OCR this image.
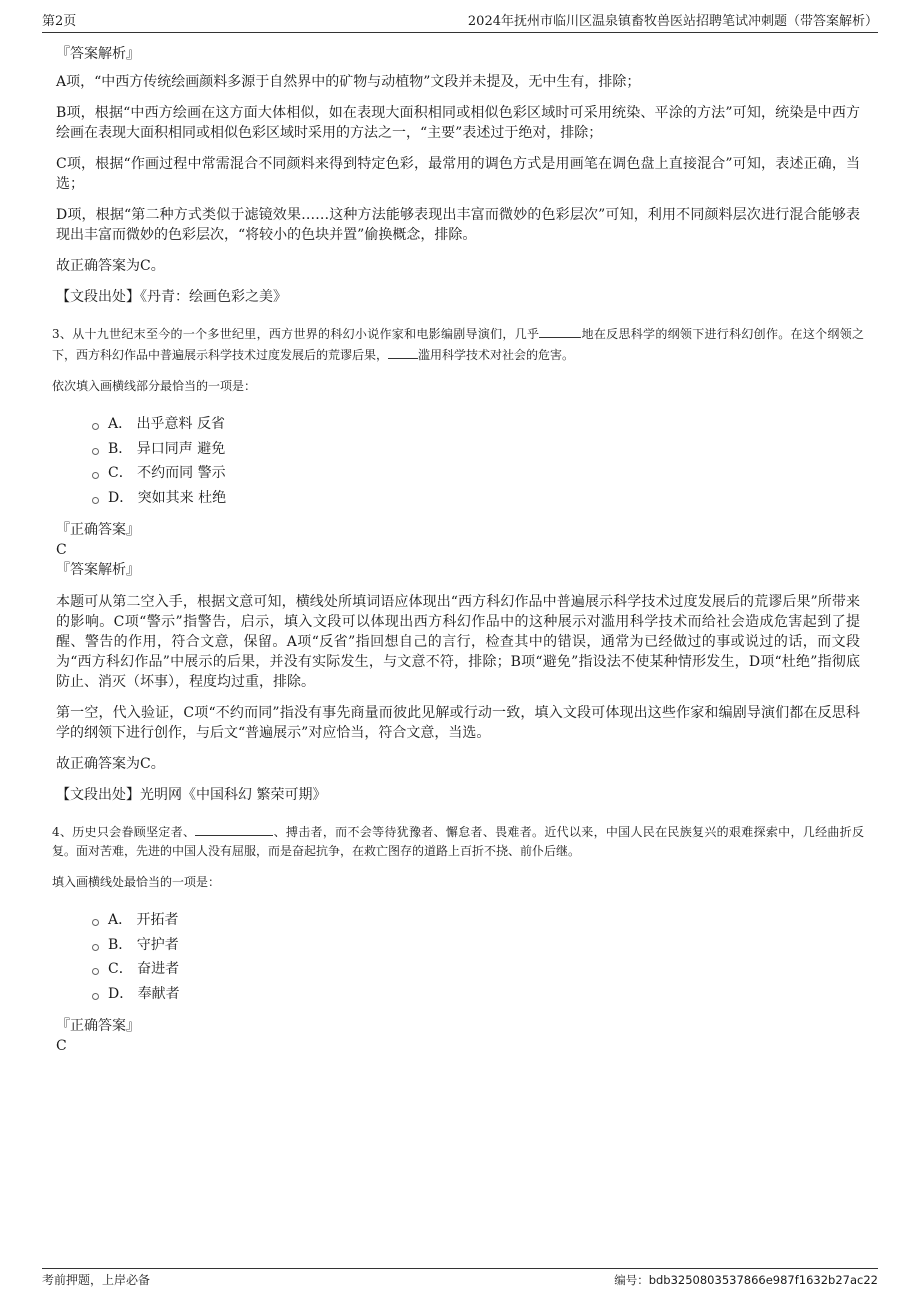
第2页	2024年抚州市临川区温泉镇畜牧兽医站招聘笔试冲刺题（带答案解析）
『答案解析』
A项，“中西方传统绘画颜料多源于自然界中的矿物与动植物”文段并未提及，无中生有，排除；
B项，根据“中西方绘画在这方面大体相似，如在表现大面积相同或相似色彩区域时可采用统染、平涂的方法”可知，统染是中西方绘画在表现大面积相同或相似色彩区域时采用的方法之一，“主要”表述过于绝对，排除；
C项，根据“作画过程中常需混合不同颜料来得到特定色彩，最常用的调色方式是用画笔在调色盘上直接混合”可知，表述正确，当选；
D项，根据“第二种方式类似于滤镜效果……这种方法能够表现出丰富而微妙的色彩层次”可知，利用不同颜料层次进行混合能够表现出丰富而微妙的色彩层次，“将较小的色块并置”偷换概念，排除。
故正确答案为C。
【文段出处】《丹青：绘画色彩之美》
3、从十九世纪末至今的一个多世纪里，西方世界的科幻小说作家和电影编剧导演们，几乎	地在反思科学的纲领下进行科幻创作。在这个纲领之下，西方科幻作品中普遍展示科学技术过度发展后的荒谬后果，	滥用科学技术对社会的危害。
依次填入画横线部分最恰当的一项是：
A． 出乎意料 反省
B． 异口同声 避免
C． 不约而同 警示
D． 突如其来 杜绝
『正确答案』
C
『答案解析』
本题可从第二空入手，根据文意可知，横线处所填词语应体现出“西方科幻作品中普遍展示科学技术过度发展后的荒谬后果”所带来的影响。C项“警示”指警告，启示，填入文段可以体现出西方科幻作品中的这种展示对滥用科学技术而给社会造成危害起到了提醒、警告的作用，符合文意，保留。A项“反省”指回想自己的言行，检查其中的错误，通常为已经做过的事或说过的话，而文段为“西方科幻作品”中展示的后果，并没有实际发生，与文意不符，排除；B项“避免”指设法不使某种情形发生，D项“杜绝”指彻底防止、消灭（坏事），程度均过重，排除。
第一空，代入验证，C项“不约而同”指没有事先商量而彼此见解或行动一致，填入文段可体现出这些作家和编剧导演们都在反思科学的纲领下进行创作，与后文“普遍展示”对应恰当，符合文意，当选。
故正确答案为C。
【文段出处】光明网《中国科幻 繁荣可期》
4、历史只会眷顾坚定者、	、搏击者，而不会等待犹豫者、懈怠者、畏难者。近代以来，中国人民在民族复兴的艰难探索中，几经曲折反复。面对苦难，先进的中国人没有屈服，而是奋起抗争，在救亡图存的道路上百折不挠、前仆后继。
填入画横线处最恰当的一项是：
A． 开拓者
B． 守护者
C． 奋进者
D． 奉献者
『正确答案』
C
考前押题，上岸必备	编号：bdb3250803537866e987f1632b27ac22
